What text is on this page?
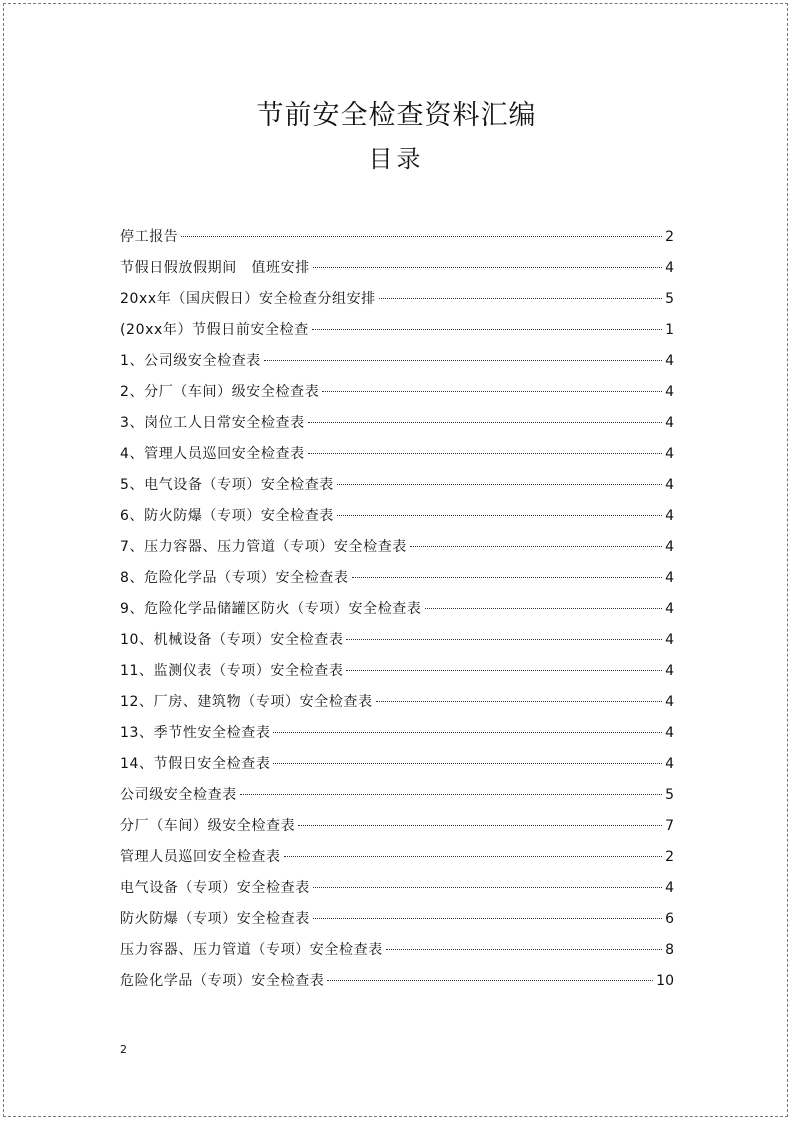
节前安全检查资料汇编
目录
停工报告	2
节假日假放假期间　值班安排	4
20xx年（国庆假日）安全检查分组安排	5
(20xx年）节假日前安全检查	1
1、公司级安全检查表	4
2、分厂（车间）级安全检查表	4
3、岗位工人日常安全检查表	4
4、管理人员巡回安全检查表	4
5、电气设备（专项）安全检查表	4
6、防火防爆（专项）安全检查表	4
7、压力容器、压力管道（专项）安全检查表	4
8、危险化学品（专项）安全检查表	4
9、危险化学品储罐区防火（专项）安全检查表	4
10、机械设备（专项）安全检查表	4
11、监测仪表（专项）安全检查表	4
12、厂房、建筑物（专项）安全检查表	4
13、季节性安全检查表	4
14、节假日安全检查表	4
公司级安全检查表	5
分厂（车间）级安全检查表	7
管理人员巡回安全检查表	2
电气设备（专项）安全检查表	4
防火防爆（专项）安全检查表	6
压力容器、压力管道（专项）安全检查表	8
危险化学品（专项）安全检查表	10
2
